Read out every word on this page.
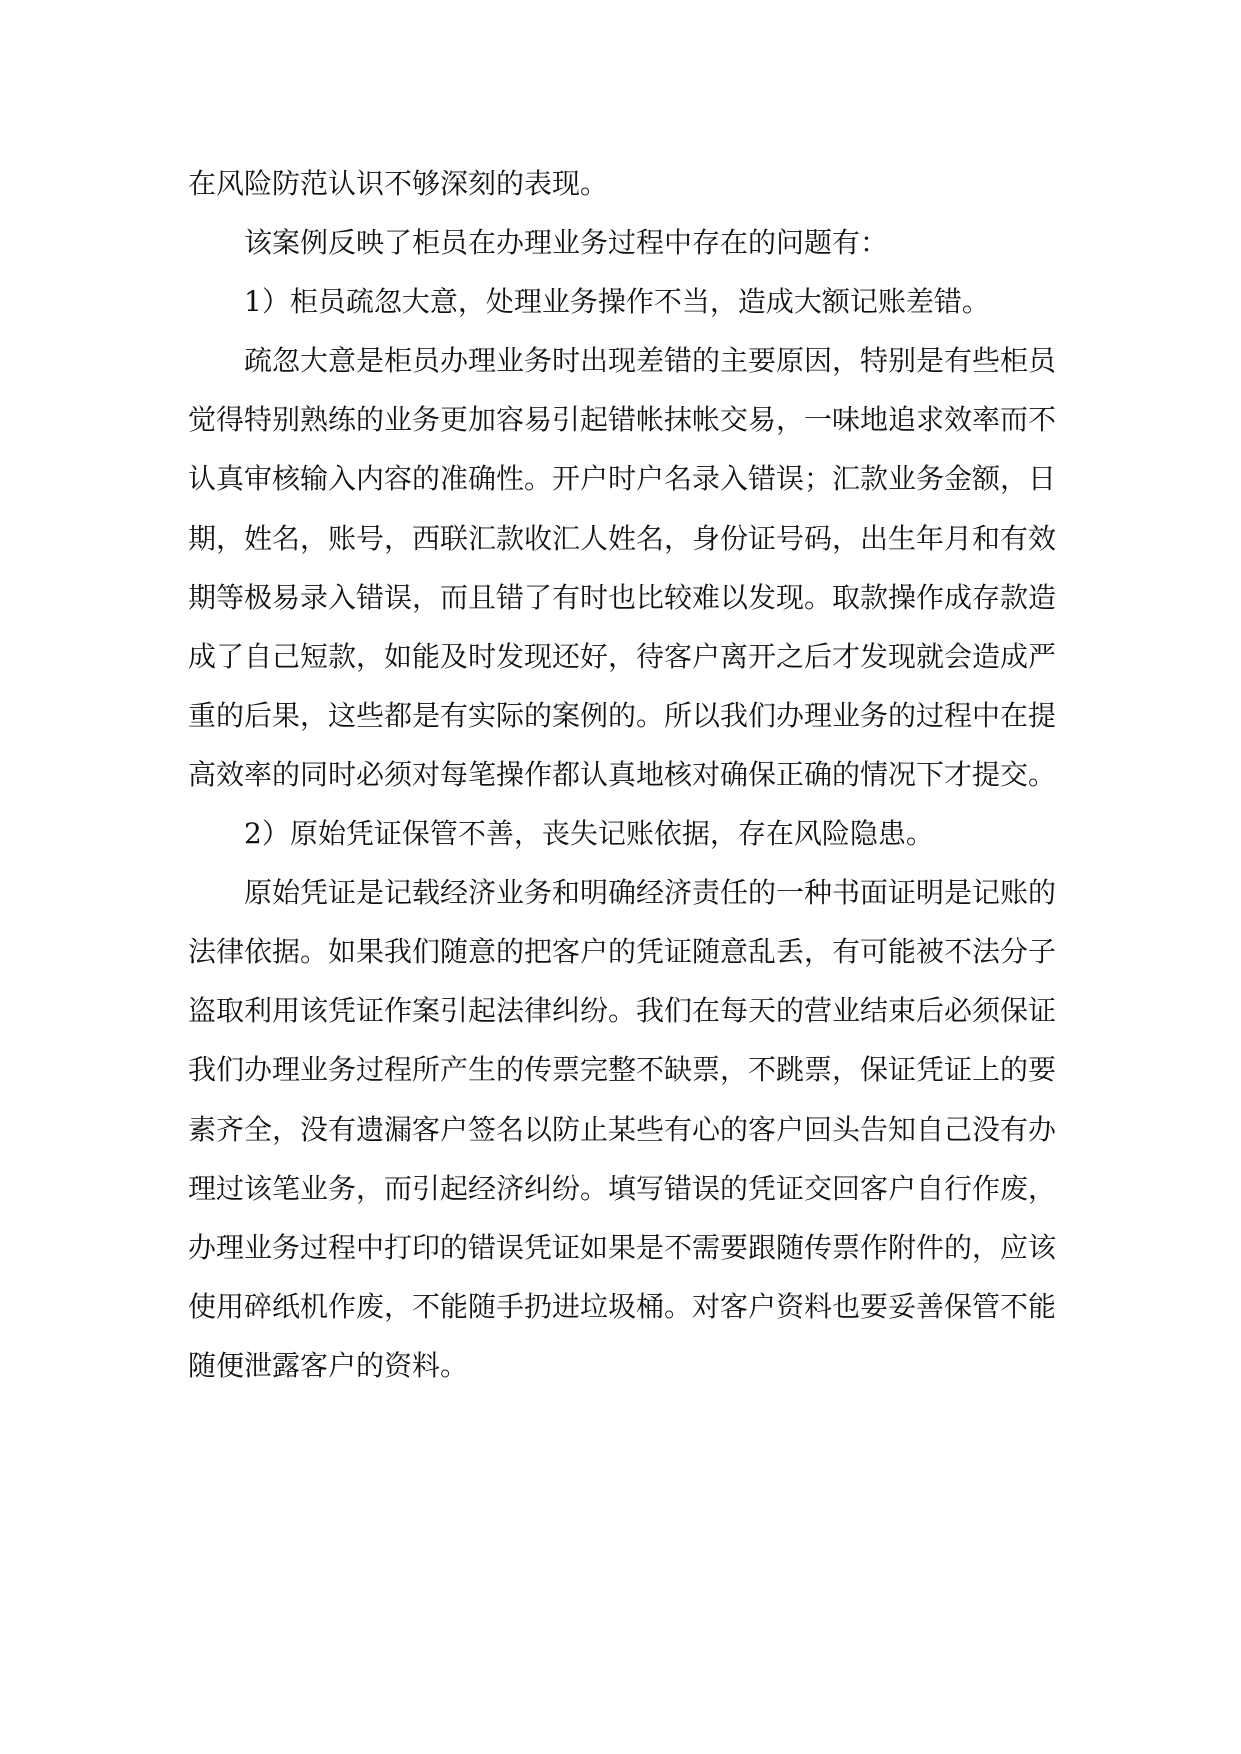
在风险防范认识不够深刻的表现。

该案例反映了柜员在办理业务过程中存在的问题有：

1）柜员疏忽大意，处理业务操作不当，造成大额记账差错。

疏忽大意是柜员办理业务时出现差错的主要原因，特别是有些柜员觉得特别熟练的业务更加容易引起错帐抹帐交易，一味地追求效率而不认真审核输入内容的准确性。开户时户名录入错误；汇款业务金额，日期，姓名，账号，西联汇款收汇人姓名，身份证号码，出生年月和有效期等极易录入错误，而且错了有时也比较难以发现。取款操作成存款造成了自己短款，如能及时发现还好，待客户离开之后才发现就会造成严重的后果，这些都是有实际的案例的。所以我们办理业务的过程中在提高效率的同时必须对每笔操作都认真地核对确保正确的情况下才提交。

2）原始凭证保管不善，丧失记账依据，存在风险隐患。

原始凭证是记载经济业务和明确经济责任的一种书面证明是记账的法律依据。如果我们随意的把客户的凭证随意乱丢，有可能被不法分子盗取利用该凭证作案引起法律纠纷。我们在每天的营业结束后必须保证我们办理业务过程所产生的传票完整不缺票，不跳票，保证凭证上的要素齐全，没有遗漏客户签名以防止某些有心的客户回头告知自己没有办理过该笔业务，而引起经济纠纷。填写错误的凭证交回客户自行作废，办理业务过程中打印的错误凭证如果是不需要跟随传票作附件的，应该使用碎纸机作废，不能随手扔进垃圾桶。对客户资料也要妥善保管不能随便泄露客户的资料。
